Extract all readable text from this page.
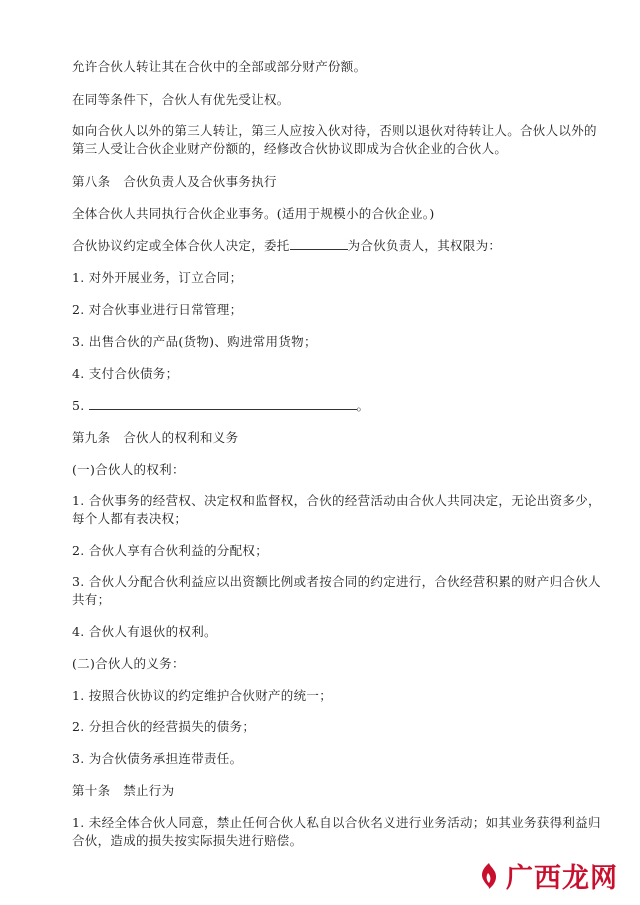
允许合伙人转让其在合伙中的全部或部分财产份额。
在同等条件下，合伙人有优先受让权。
如向合伙人以外的第三人转让，第三人应按入伙对待，否则以退伙对待转让人。合伙人以外的
第三人受让合伙企业财产份额的，经修改合伙协议即成为合伙企业的合伙人。
第八条　合伙负责人及合伙事务执行
全体合伙人共同执行合伙企业事务。(适用于规模小的合伙企业。)
合伙协议约定或全体合伙人决定，委托	为合伙负责人，其权限为：
1. 对外开展业务，订立合同；
2. 对合伙事业进行日常管理；
3. 出售合伙的产品(货物)、购进常用货物；
4. 支付合伙债务；
5.	。
第九条　合伙人的权利和义务
(一)合伙人的权利：
1. 合伙事务的经营权、决定权和监督权，合伙的经营活动由合伙人共同决定，无论出资多少，
每个人都有表决权；
2. 合伙人享有合伙利益的分配权；
3. 合伙人分配合伙利益应以出资额比例或者按合同的约定进行，合伙经营积累的财产归合伙人
共有；
4. 合伙人有退伙的权利。
(二)合伙人的义务：
1. 按照合伙协议的约定维护合伙财产的统一；
2. 分担合伙的经营损失的债务；
3. 为合伙债务承担连带责任。
第十条　禁止行为
1. 未经全体合伙人同意，禁止任何合伙人私自以合伙名义进行业务活动；如其业务获得利益归
合伙，造成的损失按实际损失进行赔偿。
广西龙网
